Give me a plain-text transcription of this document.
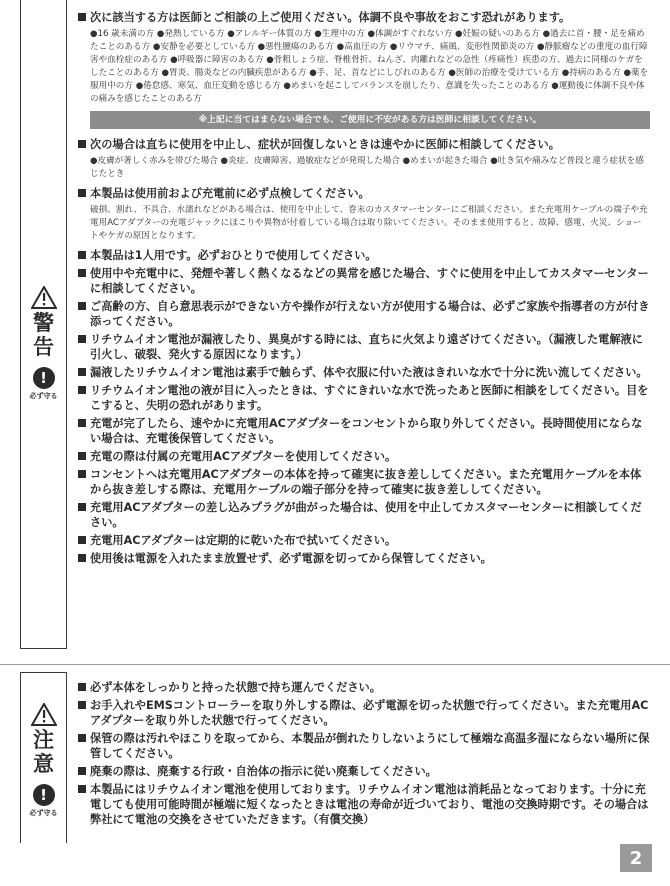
警告
!
必ず守る
次に該当する方は医師とご相談の上ご使用ください。体調不良や事故をおこす恐れがあります。
●16 歳未満の方 ●発熱している方 ●アレルギー体質の方 ●生理中の方 ●体調がすぐれない方 ●妊娠の疑いのある方 ●過去に首・腰・足を痛めたことのある方 ●安静を必要としている方 ●悪性腫瘍のある方 ●高血圧の方 ●リウマチ、痛風、変形性関節炎の方 ●静脈瘤などの重度の血行障害や血栓症のある方 ●呼吸器に障害のある方 ●骨粗しょう症、脊椎骨折、ねんざ、肉離れなどの急性（疼痛性）疾患の方、過去に同様のケガをしたことのある方 ●胃炎、腸炎などの内臓疾患がある方 ●手、足、首などにしびれのある方 ●医師の治療を受けている方 ●持病のある方 ●薬を服用中の方 ●倦怠感、寒気、血圧変動を感じる方 ●めまいを起こしてバランスを崩したり、意識を失ったことのある方 ●運動後に体調不良や体の痛みを感じたことのある方
※上記に当てはまらない場合でも、ご使用に不安がある方は医師に相談してください。
次の場合は直ちに使用を中止し、症状が回復しないときは速やかに医師に相談してください。
●皮膚が著しく赤みを帯びた場合 ●炎症、皮膚障害、過敏症などが発現した場合 ●めまいが起きた場合 ●吐き気や痛みなど普段と違う症状を感じたとき
本製品は使用前および充電前に必ず点検してください。
破損、割れ、不具合、水濡れなどがある場合は、使用を中止して、巻末のカスタマーセンターにご相談ください。また充電用ケーブルの端子や充電用ACアダプターの充電ジャックにほこりや異物が付着している場合は取り除いてください。そのまま使用すると、故障、感電、火災、ショートやケガの原因となります。
本製品は1人用です。必ずおひとりで使用してください。
使用中や充電中に、発煙や著しく熱くなるなどの異常を感じた場合、すぐに使用を中止してカスタマーセンターに相談してください。
ご高齢の方、自ら意思表示ができない方や操作が行えない方が使用する場合は、必ずご家族や指導者の方が付き添ってください。
リチウムイオン電池が漏液したり、異臭がする時には、直ちに火気より遠ざけてください。（漏液した電解液に引火し、破裂、発火する原因になります。）
漏液したリチウムイオン電池は素手で触らず、体や衣服に付いた液はきれいな水で十分に洗い流してください。
リチウムイオン電池の液が目に入ったときは、すぐにきれいな水で洗ったあと医師に相談をしてください。目をこすると、失明の恐れがあります。
充電が完了したら、速やかに充電用ACアダプターをコンセントから取り外してください。長時間使用にならない場合は、充電後保管してください。
充電の際は付属の充電用ACアダプターを使用してください。
コンセントへは充電用ACアダプターの本体を持って確実に抜き差ししてください。また充電用ケーブルを本体から抜き差しする際は、充電用ケーブルの端子部分を持って確実に抜き差ししてください。
充電用ACアダプターの差し込みプラグが曲がった場合は、使用を中止してカスタマーセンターに相談してください。
充電用ACアダプターは定期的に乾いた布で拭いてください。
使用後は電源を入れたまま放置せず、必ず電源を切ってから保管してください。
注意
!
必ず守る
必ず本体をしっかりと持った状態で持ち運んでください。
お手入れやEMSコントローラーを取り外しする際は、必ず電源を切った状態で行ってください。また充電用ACアダプターを取り外した状態で行ってください。
保管の際は汚れやほこりを取ってから、本製品が倒れたりしないようにして極端な高温多湿にならない場所に保管してください。
廃棄の際は、廃棄する行政・自治体の指示に従い廃棄してください。
本製品にはリチウムイオン電池を使用しております。リチウムイオン電池は消耗品となっております。十分に充電しても使用可能時間が極端に短くなったときは電池の寿命が近づいており、電池の交換時期です。その場合は弊社にて電池の交換をさせていただきます。（有償交換）
2
